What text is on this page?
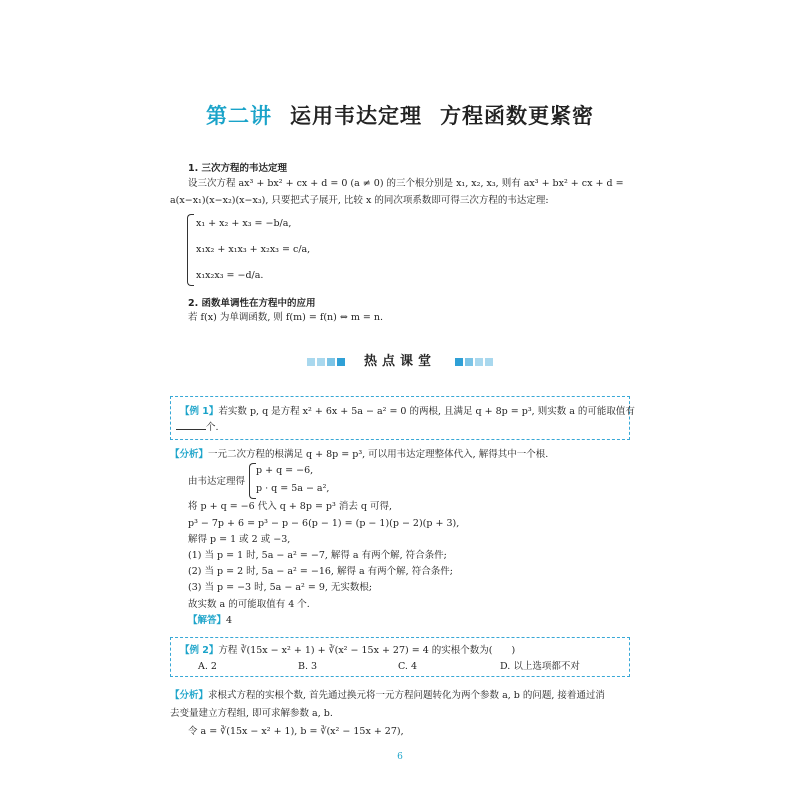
第二讲 运用韦达定理 方程函数更紧密
1. 三次方程的韦达定理
设三次方程 ax³ + bx² + cx + d = 0 (a ≠ 0) 的三个根分别是 x₁, x₂, x₃, 则有 ax³ + bx² + cx + d =
a(x−x₁)(x−x₂)(x−x₃), 只要把式子展开, 比较 x 的同次项系数即可得三次方程的韦达定理:
x₁ + x₂ + x₃ = −b/a,
x₁x₂ + x₁x₃ + x₂x₃ = c/a,
x₁x₂x₃ = −d/a.
2. 函数单调性在方程中的应用
若 f(x) 为单调函数, 则 f(m) = f(n) ⇔ m = n.
热点课堂
【例 1】若实数 p, q 是方程 x² + 6x + 5a − a² = 0 的两根, 且满足 q + 8p = p³, 则实数 a 的可能取值有
个.
【分析】一元二次方程的根满足 q + 8p = p³, 可以用韦达定理整体代入, 解得其中一个根.
由韦达定理得
p + q = −6,
p · q = 5a − a²,
将 p + q = −6 代入 q + 8p = p³ 消去 q 可得,
p³ − 7p + 6 = p³ − p − 6(p − 1) = (p − 1)(p − 2)(p + 3),
解得 p = 1 或 2 或 −3,
(1) 当 p = 1 时, 5a − a² = −7, 解得 a 有两个解, 符合条件;
(2) 当 p = 2 时, 5a − a² = −16, 解得 a 有两个解, 符合条件;
(3) 当 p = −3 时, 5a − a² = 9, 无实数根;
故实数 a 的可能取值有 4 个.
【解答】4
【例 2】方程 ∛(15x − x² + 1) + ∛(x² − 15x + 27) = 4 的实根个数为(　　)
A. 2	B. 3	C. 4	D. 以上选项都不对
【分析】求根式方程的实根个数, 首先通过换元将一元方程问题转化为两个参数 a, b 的问题, 接着通过消
去变量建立方程组, 即可求解参数 a, b.
令 a = ∛(15x − x² + 1), b = ∛(x² − 15x + 27),
6
